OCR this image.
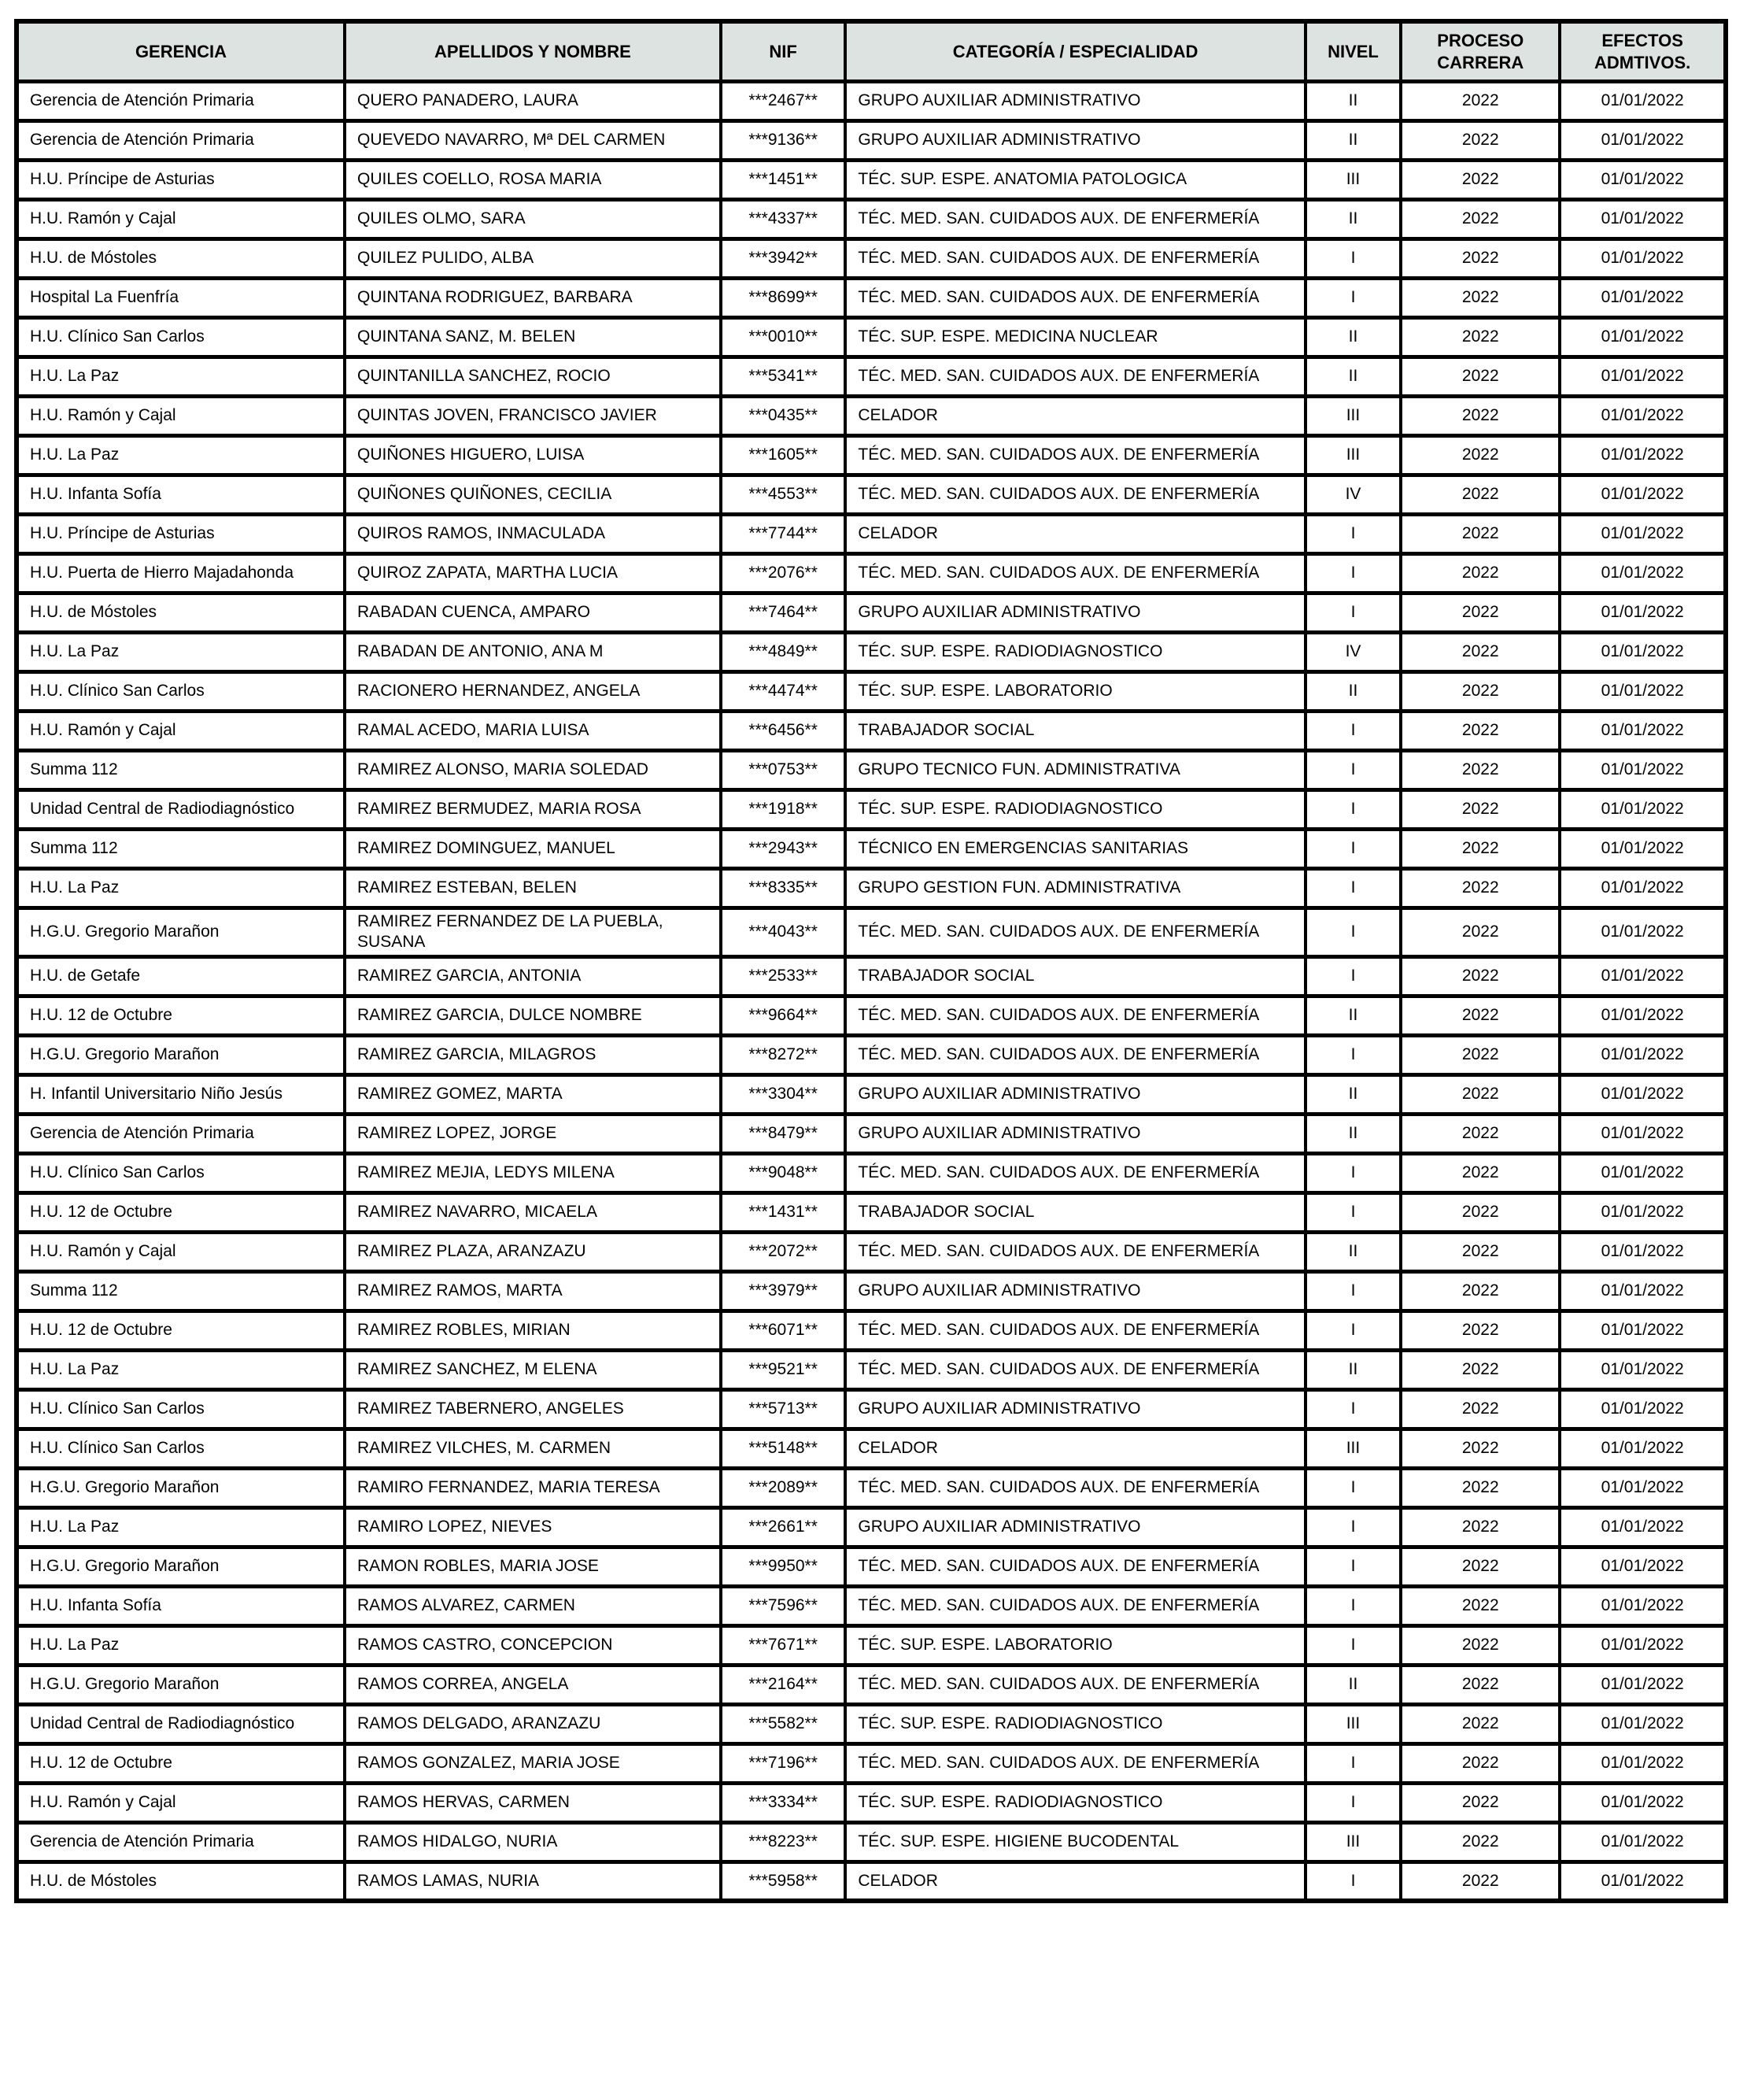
GERENCIA	APELLIDOS Y NOMBRE	NIF	CATEGORÍA / ESPECIALIDAD	NIVEL	PROCESO CARRERA	EFECTOS ADMTIVOS.
Gerencia de Atención Primaria	QUERO PANADERO, LAURA	***2467**	GRUPO AUXILIAR ADMINISTRATIVO	II	2022	01/01/2022
Gerencia de Atención Primaria	QUEVEDO NAVARRO, Mª DEL CARMEN	***9136**	GRUPO AUXILIAR ADMINISTRATIVO	II	2022	01/01/2022
H.U. Príncipe de Asturias	QUILES COELLO, ROSA MARIA	***1451**	TÉC. SUP. ESPE. ANATOMIA PATOLOGICA	III	2022	01/01/2022
H.U. Ramón y Cajal	QUILES OLMO, SARA	***4337**	TÉC. MED. SAN. CUIDADOS AUX. DE ENFERMERÍA	II	2022	01/01/2022
H.U. de Móstoles	QUILEZ PULIDO, ALBA	***3942**	TÉC. MED. SAN. CUIDADOS AUX. DE ENFERMERÍA	I	2022	01/01/2022
Hospital La Fuenfría	QUINTANA RODRIGUEZ, BARBARA	***8699**	TÉC. MED. SAN. CUIDADOS AUX. DE ENFERMERÍA	I	2022	01/01/2022
H.U. Clínico San Carlos	QUINTANA SANZ, M. BELEN	***0010**	TÉC. SUP. ESPE. MEDICINA NUCLEAR	II	2022	01/01/2022
H.U. La Paz	QUINTANILLA SANCHEZ, ROCIO	***5341**	TÉC. MED. SAN. CUIDADOS AUX. DE ENFERMERÍA	II	2022	01/01/2022
H.U. Ramón y Cajal	QUINTAS JOVEN, FRANCISCO JAVIER	***0435**	CELADOR	III	2022	01/01/2022
H.U. La Paz	QUIÑONES HIGUERO, LUISA	***1605**	TÉC. MED. SAN. CUIDADOS AUX. DE ENFERMERÍA	III	2022	01/01/2022
H.U. Infanta Sofía	QUIÑONES QUIÑONES, CECILIA	***4553**	TÉC. MED. SAN. CUIDADOS AUX. DE ENFERMERÍA	IV	2022	01/01/2022
H.U. Príncipe de Asturias	QUIROS RAMOS, INMACULADA	***7744**	CELADOR	I	2022	01/01/2022
H.U. Puerta de Hierro Majadahonda	QUIROZ ZAPATA, MARTHA LUCIA	***2076**	TÉC. MED. SAN. CUIDADOS AUX. DE ENFERMERÍA	I	2022	01/01/2022
H.U. de Móstoles	RABADAN CUENCA, AMPARO	***7464**	GRUPO AUXILIAR ADMINISTRATIVO	I	2022	01/01/2022
H.U. La Paz	RABADAN DE ANTONIO, ANA M	***4849**	TÉC. SUP. ESPE. RADIODIAGNOSTICO	IV	2022	01/01/2022
H.U. Clínico San Carlos	RACIONERO HERNANDEZ, ANGELA	***4474**	TÉC. SUP. ESPE. LABORATORIO	II	2022	01/01/2022
H.U. Ramón y Cajal	RAMAL ACEDO, MARIA LUISA	***6456**	TRABAJADOR SOCIAL	I	2022	01/01/2022
Summa 112	RAMIREZ ALONSO, MARIA SOLEDAD	***0753**	GRUPO TECNICO FUN. ADMINISTRATIVA	I	2022	01/01/2022
Unidad Central de Radiodiagnóstico	RAMIREZ BERMUDEZ, MARIA ROSA	***1918**	TÉC. SUP. ESPE. RADIODIAGNOSTICO	I	2022	01/01/2022
Summa 112	RAMIREZ DOMINGUEZ, MANUEL	***2943**	TÉCNICO EN EMERGENCIAS SANITARIAS	I	2022	01/01/2022
H.U. La Paz	RAMIREZ ESTEBAN, BELEN	***8335**	GRUPO GESTION FUN. ADMINISTRATIVA	I	2022	01/01/2022
H.G.U. Gregorio Marañon	RAMIREZ FERNANDEZ DE LA PUEBLA, SUSANA	***4043**	TÉC. MED. SAN. CUIDADOS AUX. DE ENFERMERÍA	I	2022	01/01/2022
H.U. de Getafe	RAMIREZ GARCIA, ANTONIA	***2533**	TRABAJADOR SOCIAL	I	2022	01/01/2022
H.U. 12 de Octubre	RAMIREZ GARCIA, DULCE NOMBRE	***9664**	TÉC. MED. SAN. CUIDADOS AUX. DE ENFERMERÍA	II	2022	01/01/2022
H.G.U. Gregorio Marañon	RAMIREZ GARCIA, MILAGROS	***8272**	TÉC. MED. SAN. CUIDADOS AUX. DE ENFERMERÍA	I	2022	01/01/2022
H. Infantil Universitario Niño Jesús	RAMIREZ GOMEZ, MARTA	***3304**	GRUPO AUXILIAR ADMINISTRATIVO	II	2022	01/01/2022
Gerencia de Atención Primaria	RAMIREZ LOPEZ, JORGE	***8479**	GRUPO AUXILIAR ADMINISTRATIVO	II	2022	01/01/2022
H.U. Clínico San Carlos	RAMIREZ MEJIA, LEDYS MILENA	***9048**	TÉC. MED. SAN. CUIDADOS AUX. DE ENFERMERÍA	I	2022	01/01/2022
H.U. 12 de Octubre	RAMIREZ NAVARRO, MICAELA	***1431**	TRABAJADOR SOCIAL	I	2022	01/01/2022
H.U. Ramón y Cajal	RAMIREZ PLAZA, ARANZAZU	***2072**	TÉC. MED. SAN. CUIDADOS AUX. DE ENFERMERÍA	II	2022	01/01/2022
Summa 112	RAMIREZ RAMOS, MARTA	***3979**	GRUPO AUXILIAR ADMINISTRATIVO	I	2022	01/01/2022
H.U. 12 de Octubre	RAMIREZ ROBLES, MIRIAN	***6071**	TÉC. MED. SAN. CUIDADOS AUX. DE ENFERMERÍA	I	2022	01/01/2022
H.U. La Paz	RAMIREZ SANCHEZ, M ELENA	***9521**	TÉC. MED. SAN. CUIDADOS AUX. DE ENFERMERÍA	II	2022	01/01/2022
H.U. Clínico San Carlos	RAMIREZ TABERNERO, ANGELES	***5713**	GRUPO AUXILIAR ADMINISTRATIVO	I	2022	01/01/2022
H.U. Clínico San Carlos	RAMIREZ VILCHES, M. CARMEN	***5148**	CELADOR	III	2022	01/01/2022
H.G.U. Gregorio Marañon	RAMIRO FERNANDEZ, MARIA TERESA	***2089**	TÉC. MED. SAN. CUIDADOS AUX. DE ENFERMERÍA	I	2022	01/01/2022
H.U. La Paz	RAMIRO LOPEZ, NIEVES	***2661**	GRUPO AUXILIAR ADMINISTRATIVO	I	2022	01/01/2022
H.G.U. Gregorio Marañon	RAMON ROBLES, MARIA JOSE	***9950**	TÉC. MED. SAN. CUIDADOS AUX. DE ENFERMERÍA	I	2022	01/01/2022
H.U. Infanta Sofía	RAMOS ALVAREZ, CARMEN	***7596**	TÉC. MED. SAN. CUIDADOS AUX. DE ENFERMERÍA	I	2022	01/01/2022
H.U. La Paz	RAMOS CASTRO, CONCEPCION	***7671**	TÉC. SUP. ESPE. LABORATORIO	I	2022	01/01/2022
H.G.U. Gregorio Marañon	RAMOS CORREA, ANGELA	***2164**	TÉC. MED. SAN. CUIDADOS AUX. DE ENFERMERÍA	II	2022	01/01/2022
Unidad Central de Radiodiagnóstico	RAMOS DELGADO, ARANZAZU	***5582**	TÉC. SUP. ESPE. RADIODIAGNOSTICO	III	2022	01/01/2022
H.U. 12 de Octubre	RAMOS GONZALEZ, MARIA JOSE	***7196**	TÉC. MED. SAN. CUIDADOS AUX. DE ENFERMERÍA	I	2022	01/01/2022
H.U. Ramón y Cajal	RAMOS HERVAS, CARMEN	***3334**	TÉC. SUP. ESPE. RADIODIAGNOSTICO	I	2022	01/01/2022
Gerencia de Atención Primaria	RAMOS HIDALGO, NURIA	***8223**	TÉC. SUP. ESPE. HIGIENE BUCODENTAL	III	2022	01/01/2022
H.U. de Móstoles	RAMOS LAMAS, NURIA	***5958**	CELADOR	I	2022	01/01/2022
